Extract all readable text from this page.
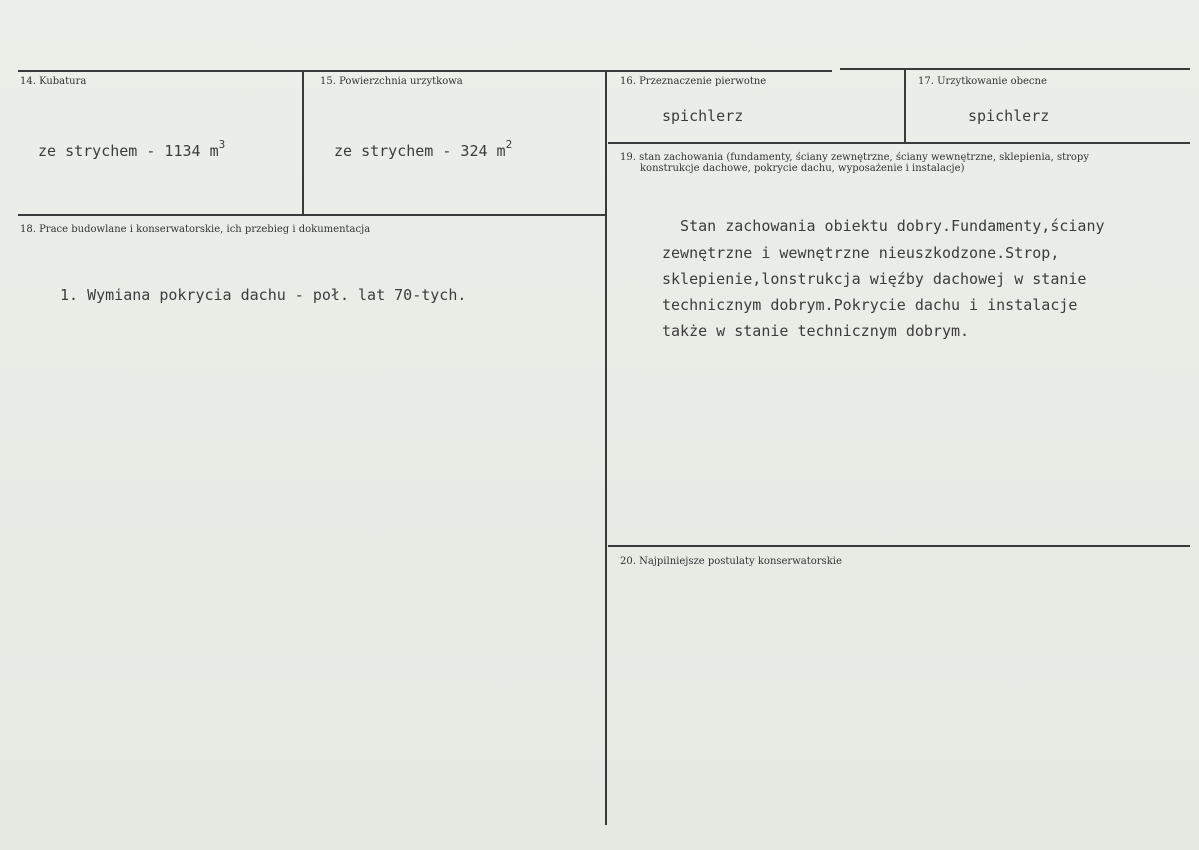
14. Kubatura
ze strychem - 1134 $m^3$
15. Powierzchnia urzytkowa
ze strychem - 324 $m^2$
16. Przeznaczenie pierwotne
spichlerz
17. Urzytkowanie obecne
spichlerz
18. Prace budowlane i konserwatorskie, ich przebieg i dokumentacja
1. Wymiana pokrycia dachu - poł. lat 70-tych.
19. stan zachowania (fundamenty, ściany zewnętrzne, ściany wewnętrzne, sklepienia, stropy
konstrukcje dachowe, pokrycie dachu, wyposażenie i instalacje)
Stan zachowania obiektu dobry.Fundamenty,ściany
zewnętrzne i wewnętrzne nieuszkodzone.Strop,
sklepienie,lonstrukcja więźby dachowej w stanie
technicznym dobrym.Pokrycie dachu i instalacje
także w stanie technicznym dobrym.
20. Najpilniejsze postulaty konserwatorskie
